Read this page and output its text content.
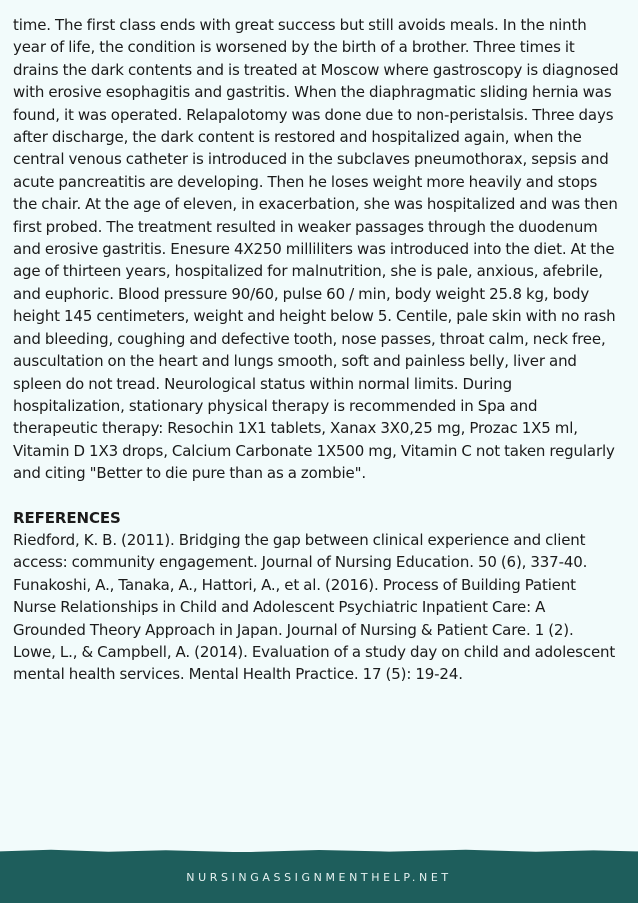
time. The first class ends with great success but still avoids meals. In the ninth year of life, the condition is worsened by the birth of a brother. Three times it drains the dark contents and is treated at Moscow where gastroscopy is diagnosed with erosive esophagitis and gastritis. When the diaphragmatic sliding hernia was found, it was operated. Relapalotomy was done due to non-peristalsis. Three days after discharge, the dark content is restored and hospitalized again, when the central venous catheter is introduced in the subclaves pneumothorax, sepsis and acute pancreatitis are developing. Then he loses weight more heavily and stops the chair. At the age of eleven, in exacerbation, she was hospitalized and was then first probed. The treatment resulted in weaker passages through the duodenum and erosive gastritis. Enesure 4X250 milliliters was introduced into the diet. At the age of thirteen years, hospitalized for malnutrition, she is pale, anxious, afebrile, and euphoric. Blood pressure 90/60, pulse 60 / min, body weight 25.8 kg, body height 145 centimeters, weight and height below 5. Centile, pale skin with no rash and bleeding, coughing and defective tooth, nose passes, throat calm, neck free, auscultation on the heart and lungs smooth, soft and painless belly, liver and spleen do not tread. Neurological status within normal limits. During hospitalization, stationary physical therapy is recommended in Spa and therapeutic therapy: Resochin 1X1 tablets, Xanax 3X0,25 mg, Prozac 1X5 ml, Vitamin D 1X3 drops, Calcium Carbonate 1X500 mg, Vitamin C not taken regularly and citing "Better to die pure than as a zombie".

REFERENCES

Riedford, K. B. (2011). Bridging the gap between clinical experience and client access: community engagement. Journal of Nursing Education. 50 (6), 337-40.

Funakoshi, A., Tanaka, A., Hattori, A., et al. (2016). Process of Building Patient Nurse Relationships in Child and Adolescent Psychiatric Inpatient Care: A Grounded Theory Approach in Japan. Journal of Nursing & Patient Care. 1 (2).

Lowe, L., & Campbell, A. (2014). Evaluation of a study day on child and adolescent mental health services. Mental Health Practice. 17 (5): 19-24.

NURSINGASSIGNMENTHELP.NET
